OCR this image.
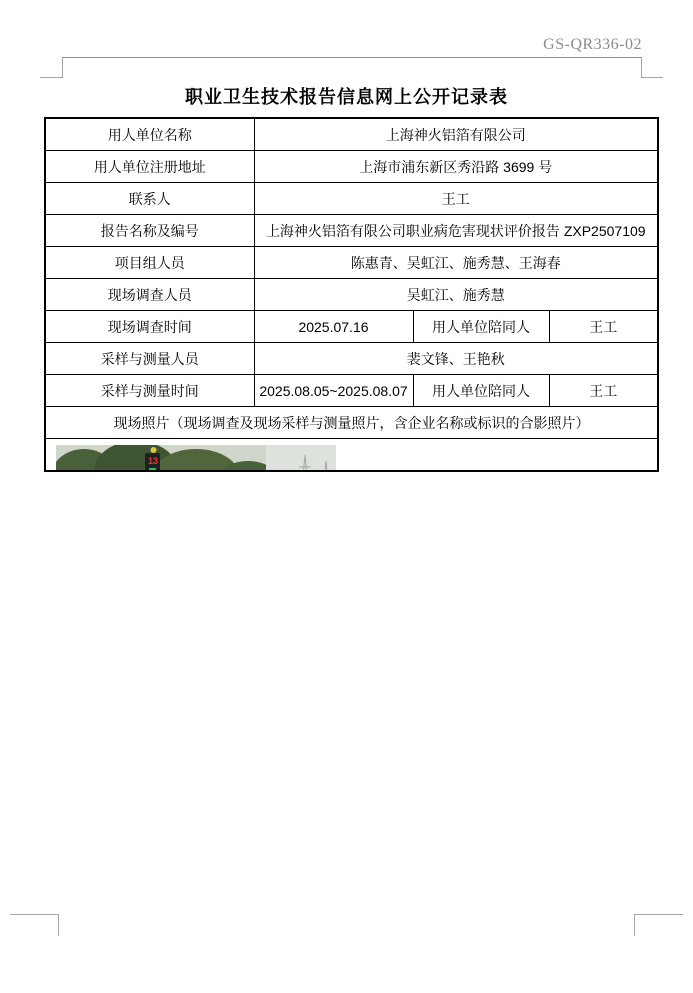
GS-QR336-02
职业卫生技术报告信息网上公开记录表
用人单位名称	上海神火铝箔有限公司		
用人单位注册地址	上海市浦东新区秀沿路 3699 号		
联系人	王工		
报告名称及编号	上海神火铝箔有限公司职业病危害现状评价报告 ZXP2507109		
项目组人员	陈惠青、吴虹江、施秀慧、王海春		
现场调查人员	吴虹江、施秀慧		
现场调查时间	2025.07.16	用人单位陪同人	王工
采样与测量人员	裴文锋、王艳秋		
采样与测量时间	2025.08.05~2025.08.07	用人单位陪同人	王工
现场照片（现场调查及现场采样与测量照片，含企业名称或标识的合影照片）			

13
